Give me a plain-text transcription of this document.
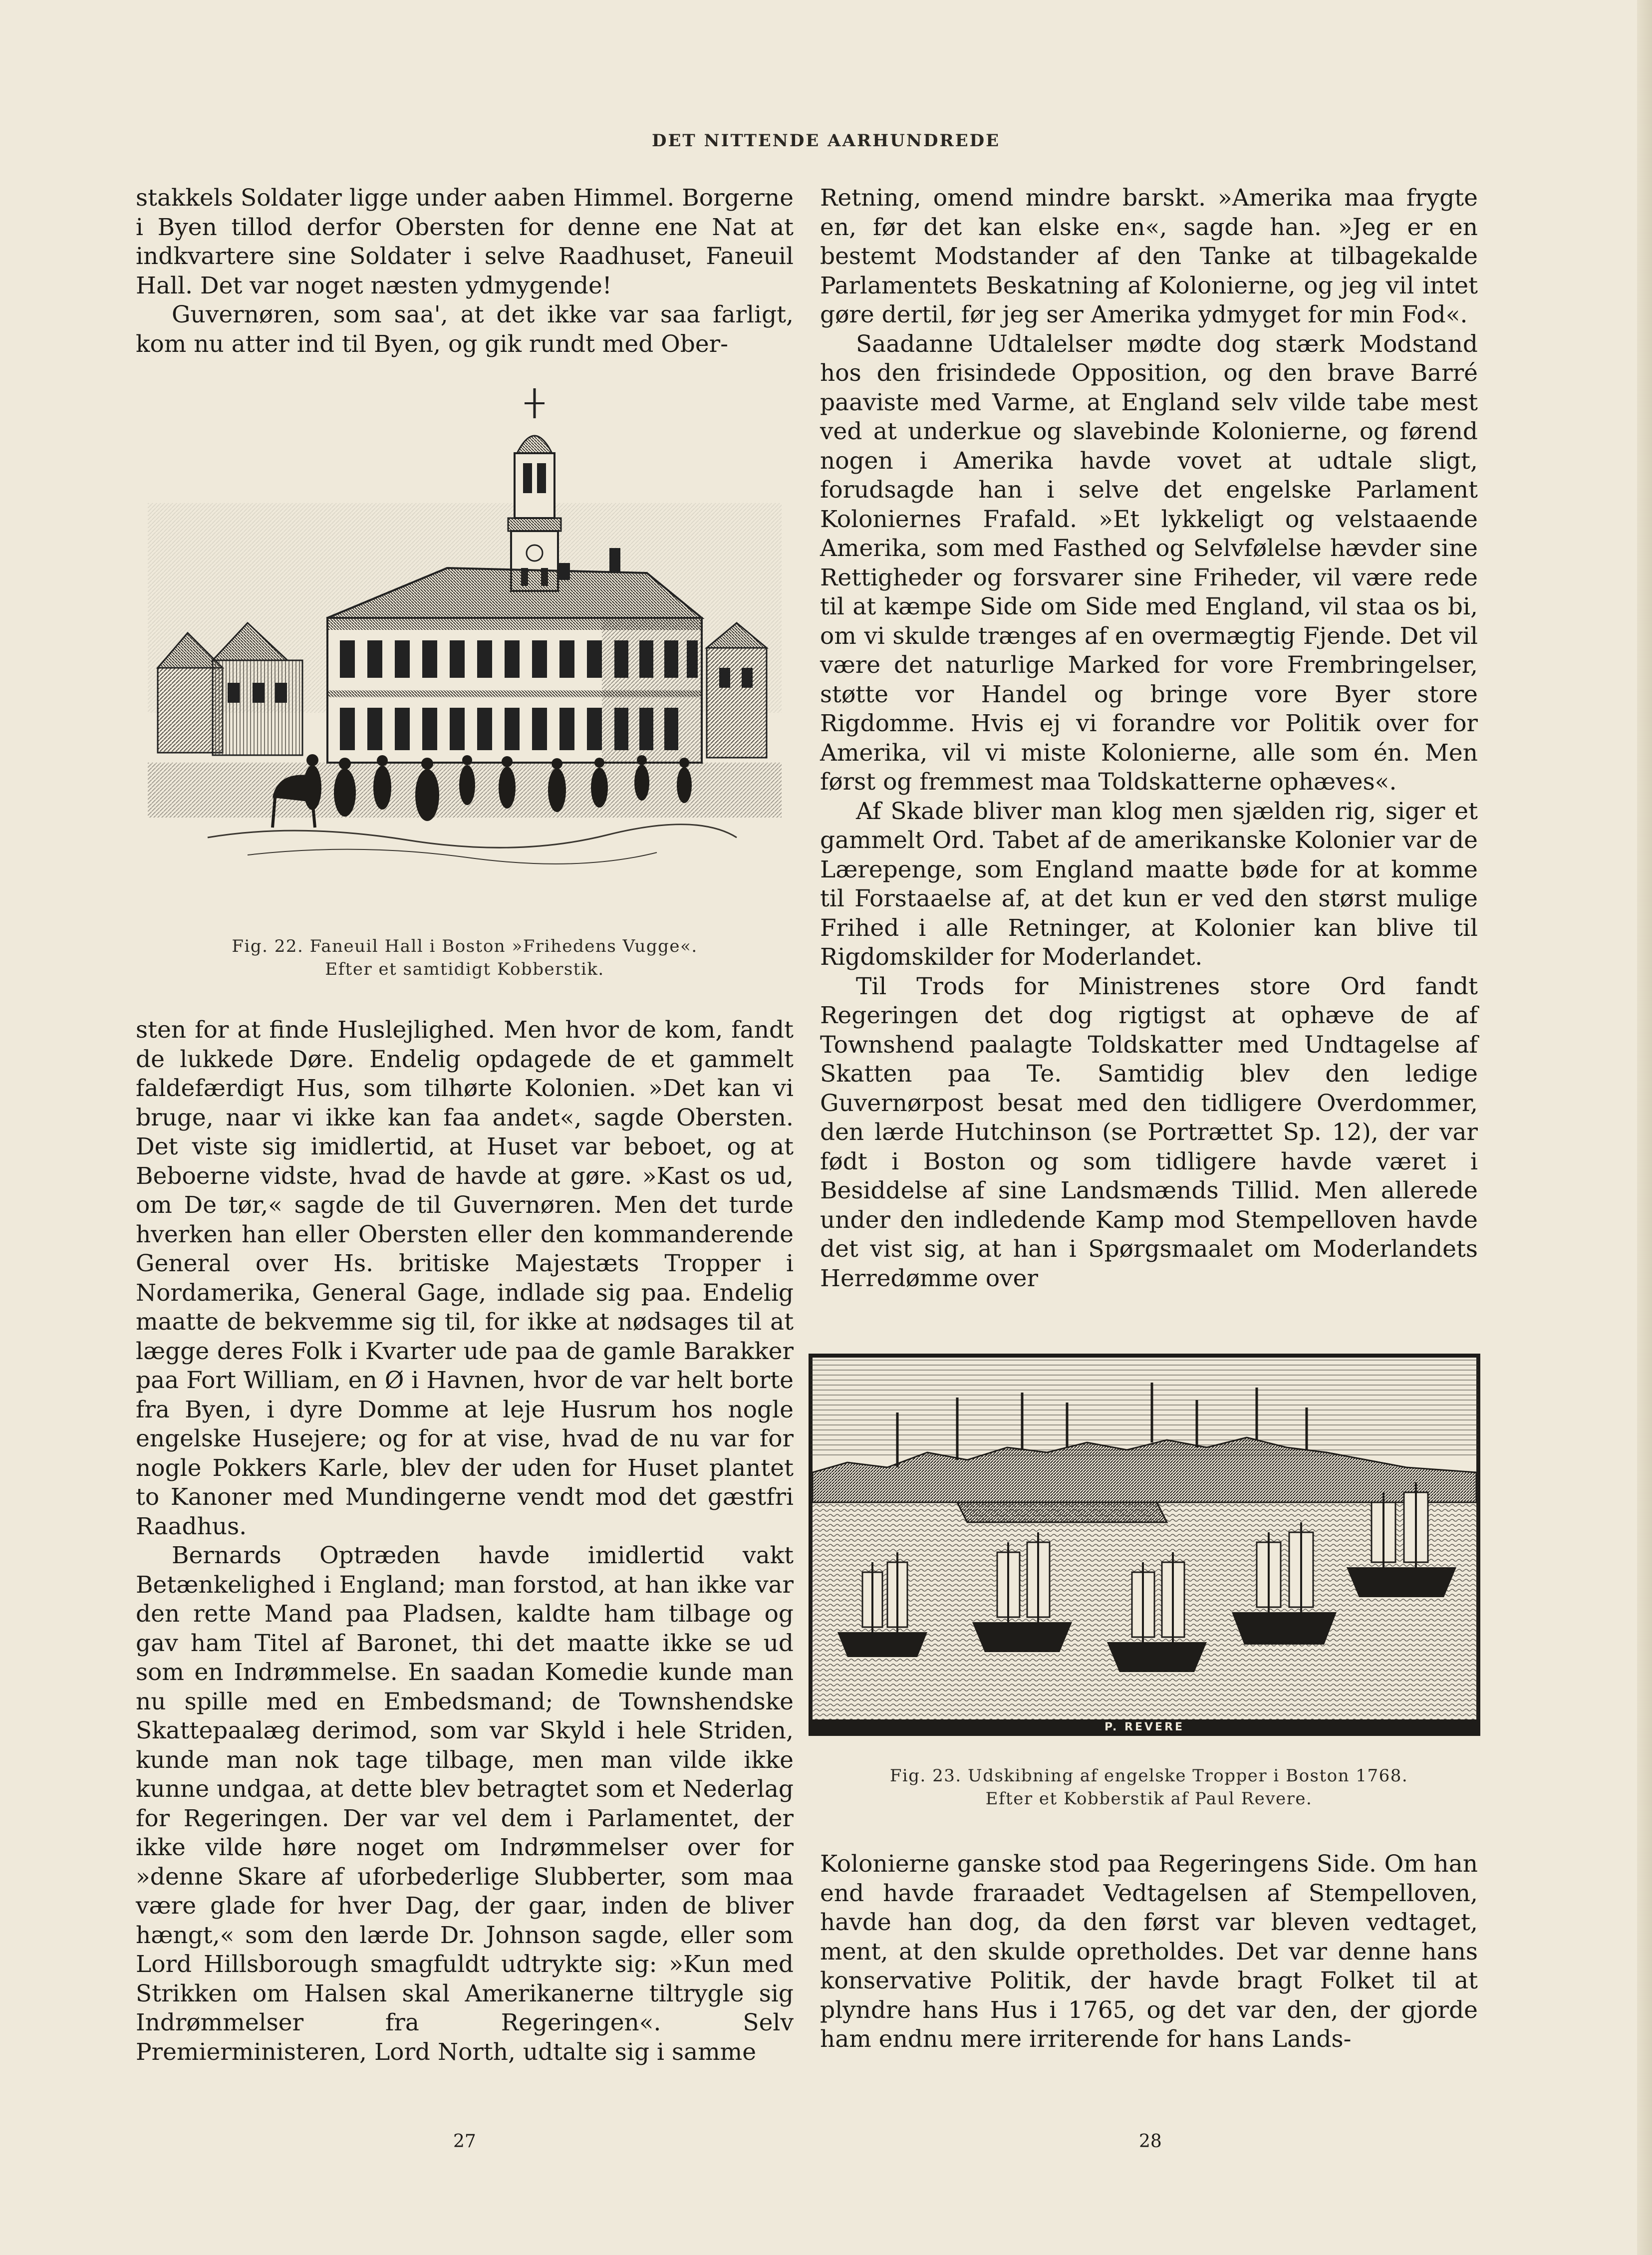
DET NITTENDE AARHUNDREDE

stakkels Soldater ligge under aaben Himmel. Borgerne i Byen tillod derfor Obersten for denne ene Nat at indkvartere sine Soldater i selve Raadhuset, Faneuil Hall. Det var noget næsten ydmygende!

Guvernøren, som saa', at det ikke var saa farligt, kom nu atter ind til Byen, og gik rundt med Ober-

Fig. 22. Faneuil Hall i Boston »Frihedens Vugge«.
Efter et samtidigt Kobberstik.

sten for at finde Huslejlighed. Men hvor de kom, fandt de lukkede Døre. Endelig opdagede de et gammelt faldefærdigt Hus, som tilhørte Kolonien. »Det kan vi bruge, naar vi ikke kan faa andet«, sagde Obersten. Det viste sig imidlertid, at Huset var beboet, og at Beboerne vidste, hvad de havde at gøre. »Kast os ud, om De tør,« sagde de til Guvernøren. Men det turde hverken han eller Obersten eller den kommanderende General over Hs. britiske Majestæts Tropper i Nordamerika, General Gage, indlade sig paa. Endelig maatte de bekvemme sig til, for ikke at nødsages til at lægge deres Folk i Kvarter ude paa de gamle Barakker paa Fort William, en Ø i Havnen, hvor de var helt borte fra Byen, i dyre Domme at leje Husrum hos nogle engelske Husejere; og for at vise, hvad de nu var for nogle Pokkers Karle, blev der uden for Huset plantet to Kanoner med Mundingerne vendt mod det gæstfri Raadhus.

Bernards Optræden havde imidlertid vakt Betænkelighed i England; man forstod, at han ikke var den rette Mand paa Pladsen, kaldte ham tilbage og gav ham Titel af Baronet, thi det maatte ikke se ud som en Indrømmelse. En saadan Komedie kunde man nu spille med en Embedsmand; de Townshendske Skattepaalæg derimod, som var Skyld i hele Striden, kunde man nok tage tilbage, men man vilde ikke kunne undgaa, at dette blev betragtet som et Nederlag for Regeringen. Der var vel dem i Parlamentet, der ikke vilde høre noget om Indrømmelser over for »denne Skare af uforbederlige Slubberter, som maa være glade for hver Dag, der gaar, inden de bliver hængt,« som den lærde Dr. Johnson sagde, eller som Lord Hillsborough smagfuldt udtrykte sig: »Kun med Strikken om Halsen skal Amerikanerne tiltrygle sig Indrømmelser fra Regeringen«. Selv Premierministeren, Lord North, udtalte sig i samme

Retning, omend mindre barskt. »Amerika maa frygte en, før det kan elske en«, sagde han. »Jeg er en bestemt Modstander af den Tanke at tilbagekalde Parlamentets Beskatning af Kolonierne, og jeg vil intet gøre dertil, før jeg ser Amerika ydmyget for min Fod«.

Saadanne Udtalelser mødte dog stærk Modstand hos den frisindede Opposition, og den brave Barré paaviste med Varme, at England selv vilde tabe mest ved at underkue og slavebinde Kolonierne, og førend nogen i Amerika havde vovet at udtale sligt, forudsagde han i selve det engelske Parlament Koloniernes Frafald. »Et lykkeligt og velstaaende Amerika, som med Fasthed og Selvfølelse hævder sine Rettigheder og forsvarer sine Friheder, vil være rede til at kæmpe Side om Side med England, vil staa os bi, om vi skulde trænges af en overmægtig Fjende. Det vil være det naturlige Marked for vore Frembringelser, støtte vor Handel og bringe vore Byer store Rigdomme. Hvis ej vi forandre vor Politik over for Amerika, vil vi miste Kolonierne, alle som én. Men først og fremmest maa Toldskatterne ophæves«.

Af Skade bliver man klog men sjælden rig, siger et gammelt Ord. Tabet af de amerikanske Kolonier var de Lærepenge, som England maatte bøde for at komme til Forstaaelse af, at det kun er ved den størst mulige Frihed i alle Retninger, at Kolonier kan blive til Rigdomskilder for Moderlandet.

Til Trods for Ministrenes store Ord fandt Regeringen det dog rigtigst at ophæve de af Townshend paalagte Toldskatter med Undtagelse af Skatten paa Te. Samtidig blev den ledige Guvernørpost besat med den tidligere Overdommer, den lærde Hutchinson (se Portrættet Sp. 12), der var født i Boston og som tidligere havde været i Besiddelse af sine Landsmænds Tillid. Men allerede under den indledende Kamp mod Stempelloven havde det vist sig, at han i Spørgsmaalet om Moderlandets Herredømme over

P. REVERE
Fig. 23. Udskibning af engelske Tropper i Boston 1768.
Efter et Kobberstik af Paul Revere.

Kolonierne ganske stod paa Regeringens Side. Om han end havde fraraadet Vedtagelsen af Stempelloven, havde han dog, da den først var bleven vedtaget, ment, at den skulde opretholdes. Det var denne hans konservative Politik, der havde bragt Folket til at plyndre hans Hus i 1765, og det var den, der gjorde ham endnu mere irriterende for hans Lands-

27	28
